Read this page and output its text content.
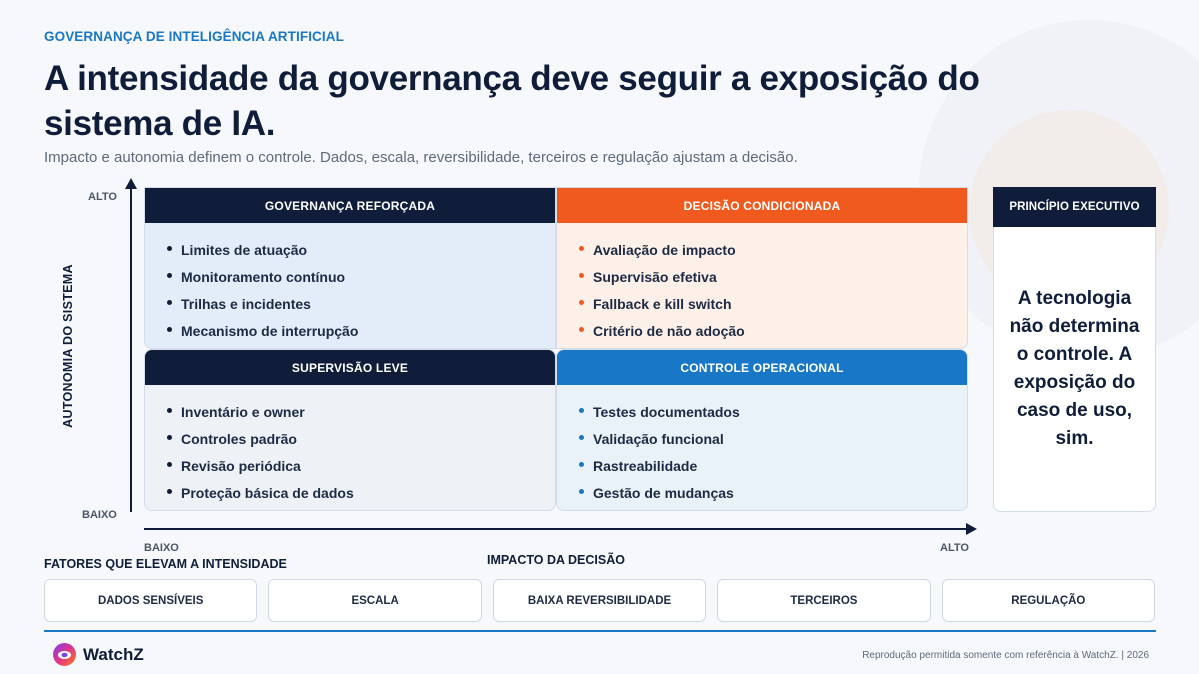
GOVERNANÇA DE INTELIGÊNCIA ARTIFICIAL
A intensidade da governança deve seguir a exposição do sistema de IA.

Impacto e autonomia definem o controle. Dados, escala, reversibilidade, terceiros e regulação ajustam a decisão.

AUTONOMIA DO SISTEMA
ALTO
BAIXO
BAIXO	ALTO
IMPACTO DA DECISÃO
GOVERNANÇA REFORÇADA
Limites de atuação
Monitoramento contínuo
Trilhas e incidentes
Mecanismo de interrupção
DECISÃO CONDICIONADA
Avaliação de impacto
Supervisão efetiva
Fallback e kill switch
Critério de não adoção
SUPERVISÃO LEVE
Inventário e owner
Controles padrão
Revisão periódica
Proteção básica de dados
CONTROLE OPERACIONAL
Testes documentados
Validação funcional
Rastreabilidade
Gestão de mudanças
PRINCÍPIO EXECUTIVO
A tecnologia não determina o controle. A exposição do caso de uso, sim.
FATORES QUE ELEVAM A INTENSIDADE
DADOS SENSÍVEIS	ESCALA	BAIXA REVERSIBILIDADE	TERCEIROS	REGULAÇÃO
WatchZ	Reprodução permitida somente com referência à WatchZ. | 2026
